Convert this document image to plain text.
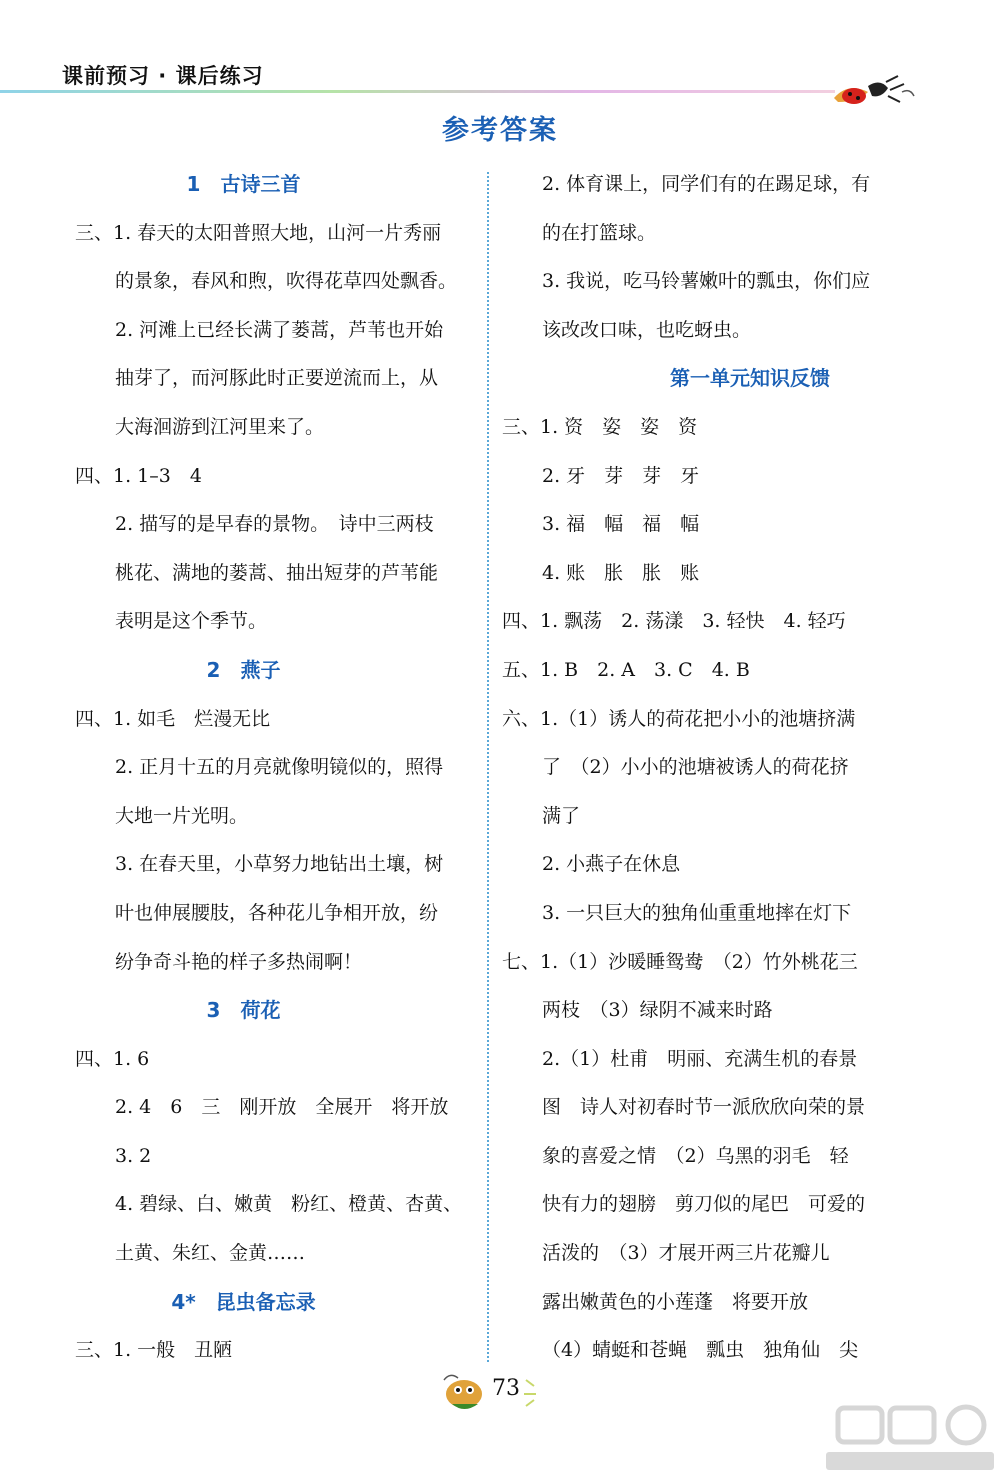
课前预习 · 课后练习
参考答案
1　古诗三首
三、1. 春天的太阳普照大地，山河一片秀丽
的景象，春风和煦，吹得花草四处飘香。
2. 河滩上已经长满了蒌蒿，芦苇也开始
抽芽了，而河豚此时正要逆流而上，从
大海洄游到江河里来了。
四、1. 1–3　4
2. 描写的是早春的景物。　诗中三两枝
桃花、满地的蒌蒿、抽出短芽的芦苇能
表明是这个季节。
2　燕子
四、1. 如毛　烂漫无比
2. 正月十五的月亮就像明镜似的，照得
大地一片光明。
3. 在春天里，小草努力地钻出土壤，树
叶也伸展腰肢，各种花儿争相开放，纷
纷争奇斗艳的样子多热闹啊！
3　荷花
四、1. 6
2. 4　6　三　刚开放　全展开　将开放
3. 2
4. 碧绿、白、嫩黄　粉红、橙黄、杏黄、
土黄、朱红、金黄……
4*　昆虫备忘录
三、1. 一般　丑陋
2. 体育课上，同学们有的在踢足球，有
的在打篮球。
3. 我说，吃马铃薯嫩叶的瓢虫，你们应
该改改口味，也吃蚜虫。
第一单元知识反馈
三、1. 资　姿　姿　资
2. 牙　芽　芽　牙
3. 福　幅　福　幅
4. 账　胀　胀　账
四、1. 飘荡　2. 荡漾　3. 轻快　4. 轻巧
五、1. B　2. A　3. C　4. B
六、1.（1）诱人的荷花把小小的池塘挤满
了　（2）小小的池塘被诱人的荷花挤
满了
2. 小燕子在休息
3. 一只巨大的独角仙重重地摔在灯下
七、1.（1）沙暖睡鸳鸯　（2）竹外桃花三
两枝　（3）绿阴不减来时路
2.（1）杜甫　明丽、充满生机的春景
图　诗人对初春时节一派欣欣向荣的景
象的喜爱之情　（2）乌黑的羽毛　轻
快有力的翅膀　剪刀似的尾巴　可爱的
活泼的　（3）才展开两三片花瓣儿
露出嫩黄色的小莲蓬　将要开放
（4）蜻蜓和苍蝇　瓢虫　独角仙　尖
73
